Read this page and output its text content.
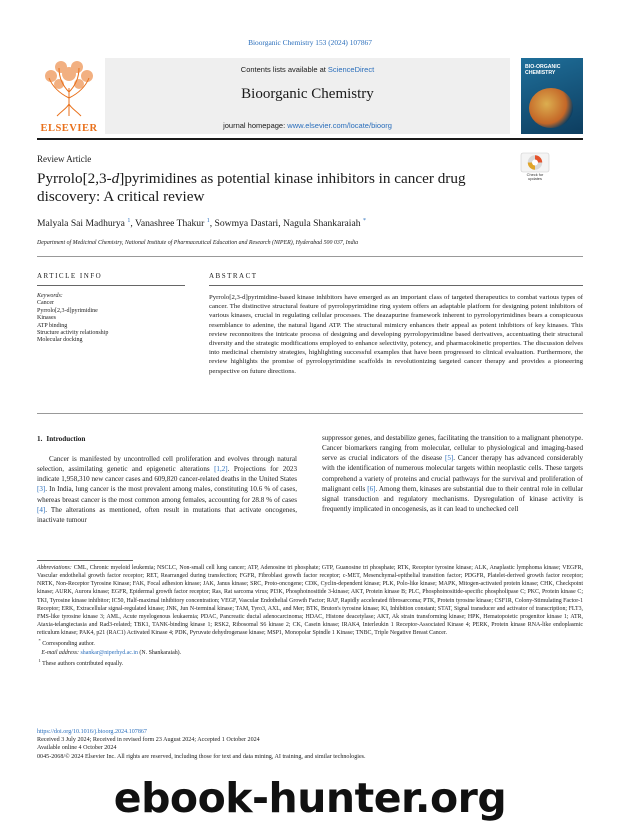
Bioorganic Chemistry 153 (2024) 107867
ELSEVIER
Contents lists available at ScienceDirect
Bioorganic Chemistry
journal homepage: www.elsevier.com/locate/bioorg
BIO-ORGANIC CHEMISTRY
Review Article
Pyrrolo[2,3-d]pyrimidines as potential kinase inhibitors in cancer drug discovery: A critical review
Check for updates
Malyala Sai Madhurya $^1$, Vanashree Thakur $^1$, Sowmya Dastari, Nagula Shankaraiah *
Department of Medicinal Chemistry, National Institute of Pharmaceutical Education and Research (NIPER), Hyderabad 500 037, India
ARTICLE INFO	ABSTRACT
Keywords:
Cancer
Pyrrolo[2,3-d]pyrimidine
Kinases
ATP binding
Structure activity relationship
Molecular docking
Pyrrolo[2,3-d]pyrimidine-based kinase inhibitors have emerged as an important class of targeted therapeutics to combat various types of cancer. The distinctive structural feature of pyrrolopyrimidine ring system offers an adaptable platform for designing potent inhibitors of various kinases, crucial in regulating cellular processes. The deazapurine framework inherent to pyrrolopyrimidines bears a conspicuous resemblance to adenine, the natural ligand ATP. The structural mimicry enhances their appeal as potent inhibitors of key kinases. This review reconnoitres the intricate process of designing and developing pyrrolopyrimidine based derivatives, accentuating their structural diversity and the strategic modifications employed to enhance selectivity, potency, and pharmacokinetic properties. The discussion delves into medicinal chemistry strategies, highlighting successful examples that have been progressed to clinical evaluation. Furthermore, the review highlights the promise of pyrrolopyrimidine scaffolds in revolutionizing targeted cancer therapy and provides a pioneering perspective on future directions.
1. Introduction
Cancer is manifested by uncontrolled cell proliferation and evolves through natural selection, assimilating genetic and epigenetic alterations [1,2]. Projections for 2023 indicate 1,958,310 new cancer cases and 609,820 cancer-related deaths in the United States [3]. In India, lung cancer is the most prevalent among males, constituting 10.6 % of cases, whereas breast cancer is the most common among females, accounting for 28.8 % of cases [4]. The alterations as mentioned, often result in mutations that activate oncogenes, inactivate tumour
suppressor genes, and destabilize genes, facilitating the transition to a malignant phenotype. Cancer biomarkers ranging from molecular, cellular to physiological and imaging-based serve as crucial indicators of the disease [5]. Cancer therapy has advanced considerably with the identification of numerous molecular targets within neoplastic cells. These targets comprehend a variety of proteins and crucial pathways for the survival and proliferation of malignant cells [6]. Among them, kinases are substantial due to their central role in cellular signal transduction and regulatory mechanisms. Dysregulation of kinase activity is frequently implicated in oncogenesis, as it can lead to unchecked cell
Abbreviations: CML, Chronic myeloid leukemia; NSCLC, Non-small cell lung cancer; ATP, Adenosine tri phosphate; GTP, Guanosine tri phosphate; RTK, Receptor tyrosine kinase; ALK, Anaplastic lymphoma kinase; VEGFR, Vascular endothelial growth factor receptor; RET, Rearranged during transfection; FGFR, Fibroblast growth factor receptor; c-MET, Mesenchymal-epithelial transition factor; PDGFR, Platelet-derived growth factor receptor; NRTK, Non-Receptor Tyrosine Kinase; FAK, Focal adhesion kinase; JAK, Janus kinase; SRC, Proto-oncogene; CDK, Cyclin-dependent kinase; PLK, Polo-like kinase; MAPK, Mitogen-activated protein kinase; CHK, Checkpoint kinase; AURK, Aurora kinase; EGFR, Epidermal growth factor receptor; Ras, Rat sarcoma virus; PI3K, Phosphoinositide 3-kinase; AKT, Protein kinase B; PLC, Phosphoinositide-specific phospholipase C; PKC, Protein kinase C; TKI, Tyrosine kinase inhibitor; IC50, Half-maximal inhibitory concentration; VEGF, Vascular Endothelial Growth Factor; RAF, Rapidly accelerated fibrosarcoma; PTK, Protein tyrosine kinase; CSF1R, Colony-Stimulating Factor-1 Receptor; ERK, Extracellular signal-regulated kinase; JNK, Jun N-terminal kinase; TAM, Tyro3, AXL, and Mer; BTK, Bruton's tyrosine kinase; Ki, Inhibition constant; STAT, Signal transducer and activator of transcription; FLT3, FMS-like tyrosine kinase 3; AML, Acute myelogenous leukaemia; PDAC, Pancreatic ductal adenocarcinoma; HDAC, Histone deacetylase; AKT, Ak strain transforming kinase; HPK, Hematopoietic progenitor kinase 1; ATR, Ataxia-telangiectasia and Rad3-related; TBK1, TANK-binding kinase 1; RSK2, Ribosomal S6 kinase 2; CK, Casein kinase; IRAK4, Interleukin 1 Receptor-Associated Kinase 4; PERK, Protein kinase RNA-like endoplasmic reticulum kinase; PAK4, p21 (RAC1) Activated Kinase 4; PDK, Pyruvate dehydrogenase kinase; MSP1, Monopolar Spindle 1 Kinase; TNBC, Triple Negative Breast Cancer.
* Corresponding author.
E-mail address: shankar@niperhyd.ac.in (N. Shankaraiah).
$^1$ These authors contributed equally.
https://doi.org/10.1016/j.bioorg.2024.107867
Received 3 July 2024; Received in revised form 23 August 2024; Accepted 1 October 2024
Available online 4 October 2024
0045-2068/© 2024 Elsevier Inc. All rights are reserved, including those for text and data mining, AI training, and similar technologies.
ebook-hunter.org
